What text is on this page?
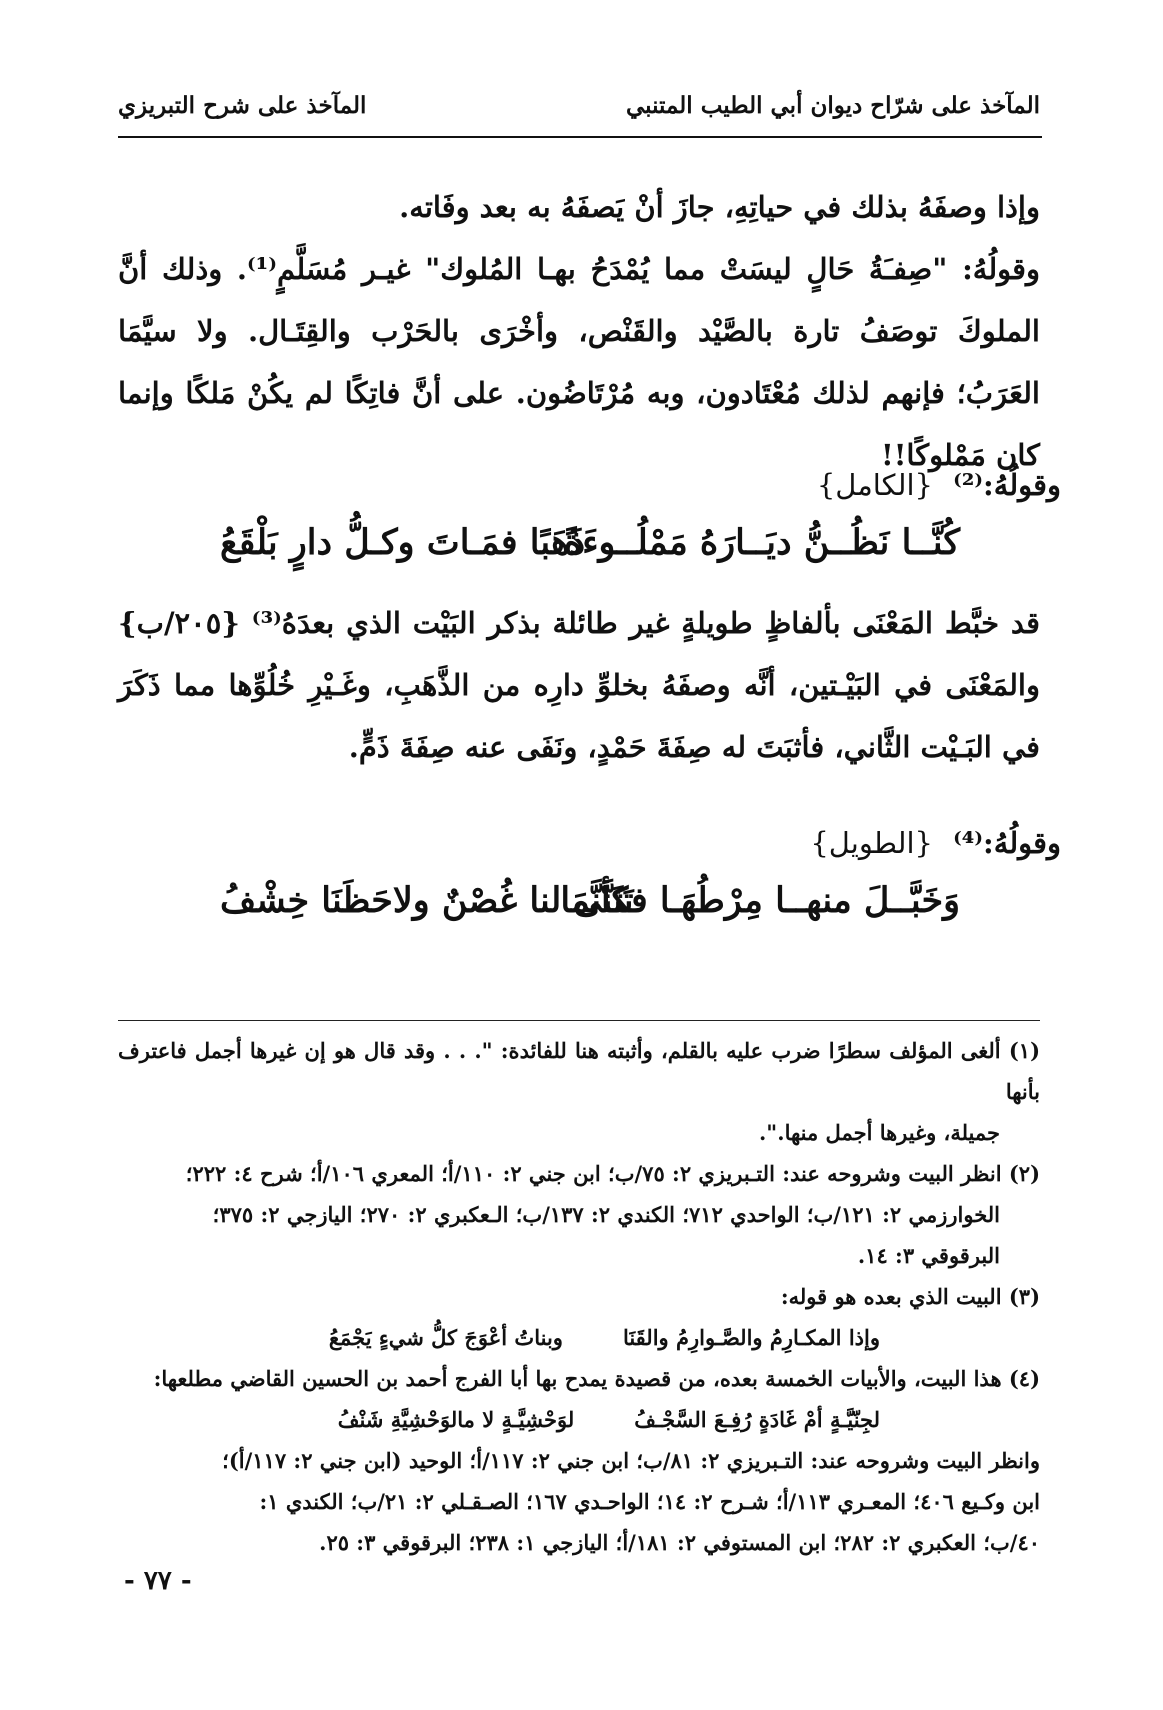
المآخذ على شرّاح ديوان أبي الطيب المتنبي
المآخذ على شرح التبريزي
وإذا وصفَهُ بذلك في حياتِهِ، جازَ أنْ يَصفَهُ به بعد وفَاته.
وقولُهُ: "صِفـَةُ حَالٍ ليسَتْ مما يُمْدَحُ بهـا المُلوك" غيـر مُسَلَّمٍ⁽¹⁾. وذلك أنَّ الملوكَ توصَفُ تارة بالصَّيْد والقَنْص، وأخْرَى بالحَرْب والقِتَـال. ولا سيَّمَا العَرَبُ؛ فإنهم لذلك مُعْتَادون، وبه مُرْتَاضُون. على أنَّ فاتِكًا لم يكُنْ مَلكًا وإنما كان مَمْلوكًا!!
وقولُهُ:⁽²⁾ {الكامل}
كُنَّــا نَظُــنُّ ديَــارَهُ مَمْلُــوءَةً
ذَهَبًا فمَـاتَ وكـلُّ دارٍ بَلْقَعُ
قد خبَّط المَعْنَى بألفاظٍ طويلةٍ غير طائلة بذكر البَيْت الذي بعدَهُ⁽³⁾ {٢٠٥/ب} والمَعْنَى في البَيْـتين، أنَّه وصفَهُ بخلوِّ دارِه من الذَّهَبِ، وغَـيْرِ خُلُوِّها مما ذَكَرَ في البَـيْت الثَّاني، فأثبَتَ له صِفَةَ حَمْدٍ، ونَفَى عنه صِفَةَ ذَمٍّ.
وقولُهُ:⁽⁴⁾ {الطويل}
وَخَبَّــلَ منهــا مِرْطُهَـا فكأنَّمَا
تَثَنَّى لنا غُصْنٌ ولاحَظَنَا خِشْفُ

(١) ألغى المؤلف سطرًا ضرب عليه بالقلم، وأثبته هنا للفائدة: ". . . وقد قال هو إن غيرها أجمل فاعترف بأنها

جميلة، وغيرها أجمل منها.".

(٢) انظر البيت وشروحه عند: التـبريزي ٢: ٧٥/ب؛ ابن جني ٢: ١١٠/أ؛ المعري ١٠٦/أ؛ شرح ٤: ٢٢٢؛

الخوارزمي ٢: ١٢١/ب؛ الواحدي ٧١٢؛ الكندي ٢: ١٣٧/ب؛ الـعكبري ٢: ٢٧٠؛ اليازجي ٢: ٣٧٥؛

البرقوقي ٣: ١٤.

(٣) البيت الذي بعده هو قوله:

وإذا المكـارِمُ والصَّـوارِمُ والقَنَاوبناتُ أعْوَجَ كلُّ شيءٍ يَجْمَعُ

(٤) هذا البيت، والأبيات الخمسة بعده، من قصيدة يمدح بها أبا الفرج أحمد بن الحسين القاضي مطلعها:

لجِنّيَّـةٍ أمْ غَادَةٍ رُفِـعَ السَّجْـفُلوَحْشِيَّـةٍ لا مالوَحْشِيَّةِ شَنْفُ

وانظر البيت وشروحه عند: التـبريزي ٢: ٨١/ب؛ ابن جني ٢: ١١٧/أ؛ الوحيد (ابن جني ٢: ١١٧/أ)؛

ابن وكـيع ٤٠٦؛ المعـري ١١٣/أ؛ شـرح ٢: ١٤؛ الواحـدي ١٦٧؛ الصـقـلي ٢: ٢١/ب؛ الكندي ١:

٤٠/ب؛ العكبري ٢: ٢٨٢؛ ابن المستوفي ٢: ١٨١/أ؛ اليازجي ١: ٢٣٨؛ البرقوقي ٣: ٢٥.

- ٧٧ -
